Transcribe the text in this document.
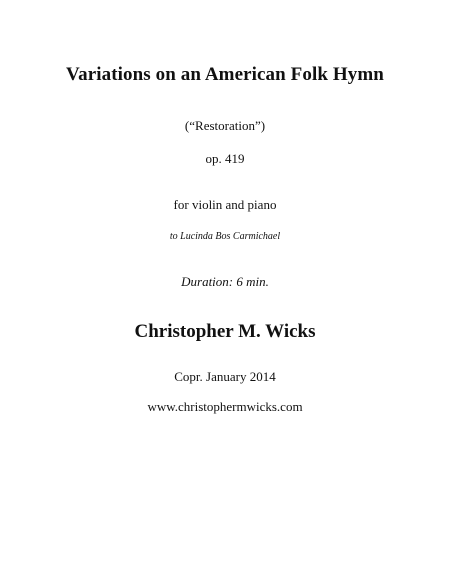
Variations on an American Folk Hymn
(“Restoration”)
op. 419
for violin and piano
to Lucinda Bos Carmichael
Duration: 6 min.
Christopher M. Wicks
Copr. January 2014
www.christophermwicks.com
